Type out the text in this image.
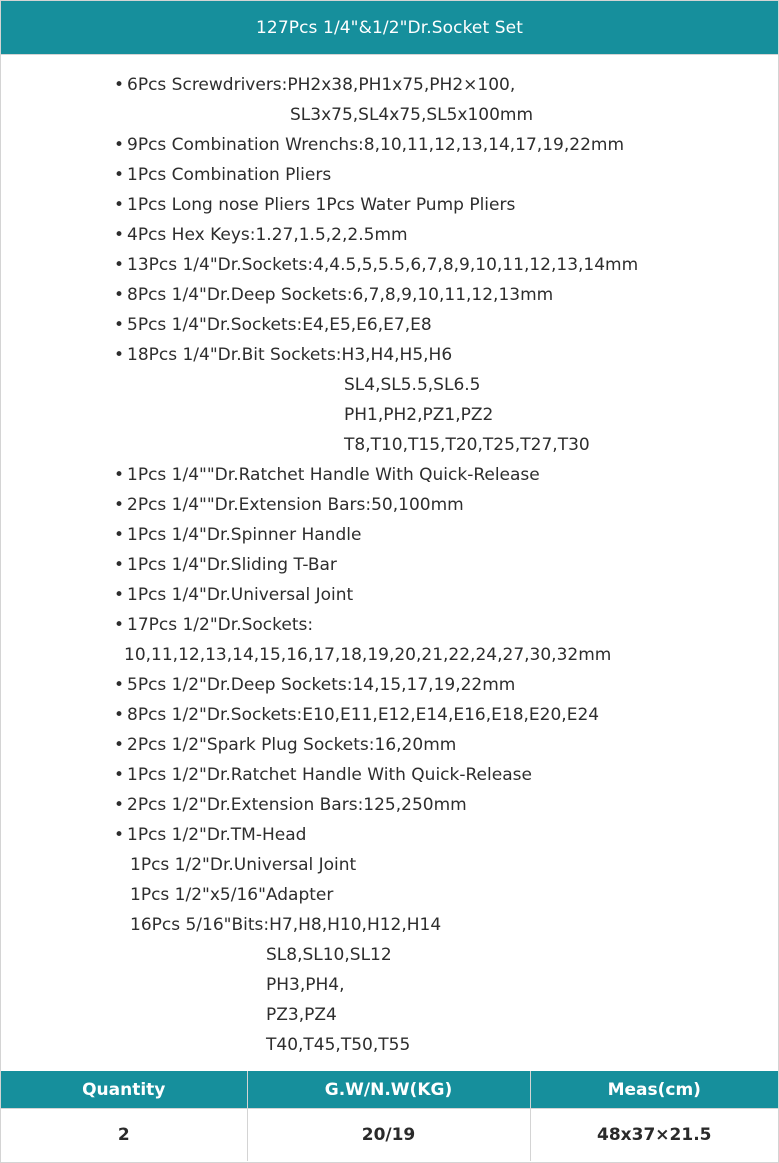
127Pcs 1/4"&1/2"Dr.Socket Set
• 6Pcs Screwdrivers:PH2x38,PH1x75,PH2×100,
SL3x75,SL4x75,SL5x100mm
• 9Pcs Combination Wrenchs:8,10,11,12,13,14,17,19,22mm
• 1Pcs Combination Pliers
• 1Pcs Long nose Pliers 1Pcs Water Pump Pliers
• 4Pcs Hex Keys:1.27,1.5,2,2.5mm
• 13Pcs 1/4"Dr.Sockets:4,4.5,5,5.5,6,7,8,9,10,11,12,13,14mm
• 8Pcs 1/4"Dr.Deep Sockets:6,7,8,9,10,11,12,13mm
• 5Pcs 1/4"Dr.Sockets:E4,E5,E6,E7,E8
• 18Pcs 1/4"Dr.Bit Sockets:H3,H4,H5,H6
SL4,SL5.5,SL6.5
PH1,PH2,PZ1,PZ2
T8,T10,T15,T20,T25,T27,T30
• 1Pcs 1/4""Dr.Ratchet Handle With Quick-Release
• 2Pcs 1/4""Dr.Extension Bars:50,100mm
• 1Pcs 1/4"Dr.Spinner Handle
• 1Pcs 1/4"Dr.Sliding T-Bar
• 1Pcs 1/4"Dr.Universal Joint
• 17Pcs 1/2"Dr.Sockets:
10,11,12,13,14,15,16,17,18,19,20,21,22,24,27,30,32mm
• 5Pcs 1/2"Dr.Deep Sockets:14,15,17,19,22mm
• 8Pcs 1/2"Dr.Sockets:E10,E11,E12,E14,E16,E18,E20,E24
• 2Pcs 1/2"Spark Plug Sockets:16,20mm
• 1Pcs 1/2"Dr.Ratchet Handle With Quick-Release
• 2Pcs 1/2"Dr.Extension Bars:125,250mm
• 1Pcs 1/2"Dr.TM-Head
1Pcs 1/2"Dr.Universal Joint
1Pcs 1/2"x5/16"Adapter
16Pcs 5/16"Bits:H7,H8,H10,H12,H14
SL8,SL10,SL12
PH3,PH4,
PZ3,PZ4
T40,T45,T50,T55
Quantity	G.W/N.W(KG)	Meas(cm)
2	20/19	48x37×21.5
